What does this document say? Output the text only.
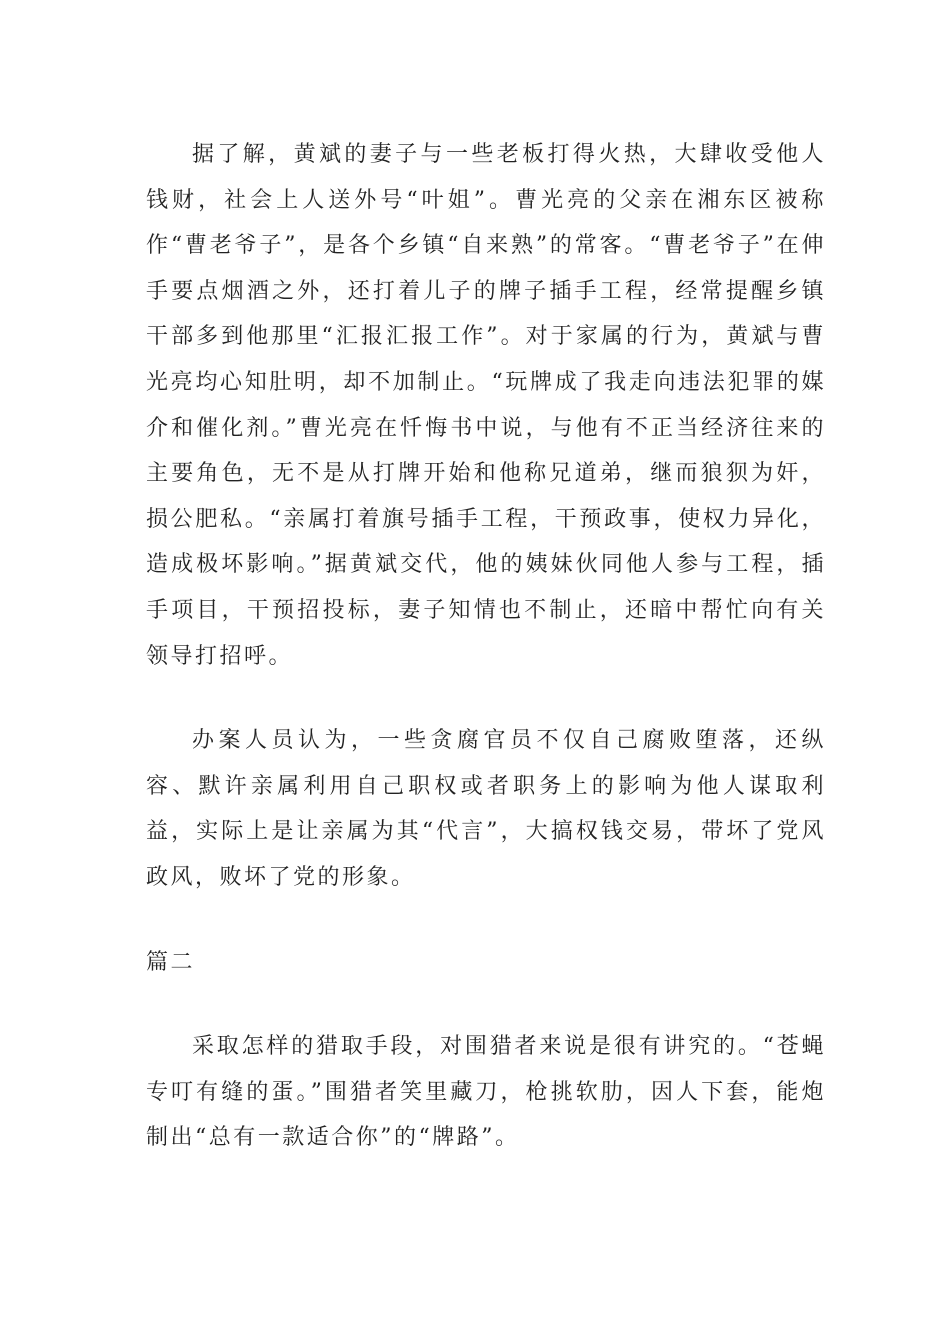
据了解，黄斌的妻子与一些老板打得火热，大肆收受他人钱财，社会上人送外号“叶姐”。曹光亮的父亲在湘东区被称作“曹老爷子”，是各个乡镇“自来熟”的常客。“曹老爷子”在伸手要点烟酒之外，还打着儿子的牌子插手工程，经常提醒乡镇干部多到他那里“汇报汇报工作”。对于家属的行为，黄斌与曹光亮均心知肚明，却不加制止。“玩牌成了我走向违法犯罪的媒介和催化剂。”曹光亮在忏悔书中说，与他有不正当经济往来的主要角色，无不是从打牌开始和他称兄道弟，继而狼狈为奸，损公肥私。“亲属打着旗号插手工程，干预政事，使权力异化，造成极坏影响。”据黄斌交代，他的姨妹伙同他人参与工程，插手项目，干预招投标，妻子知情也不制止，还暗中帮忙向有关领导打招呼。

办案人员认为，一些贪腐官员不仅自己腐败堕落，还纵容、默许亲属利用自己职权或者职务上的影响为他人谋取利益，实际上是让亲属为其“代言”，大搞权钱交易，带坏了党风政风，败坏了党的形象。

篇二

采取怎样的猎取手段，对围猎者来说是很有讲究的。“苍蝇专叮有缝的蛋。”围猎者笑里藏刀，枪挑软肋，因人下套，能炮制出“总有一款适合你”的“牌路”。
